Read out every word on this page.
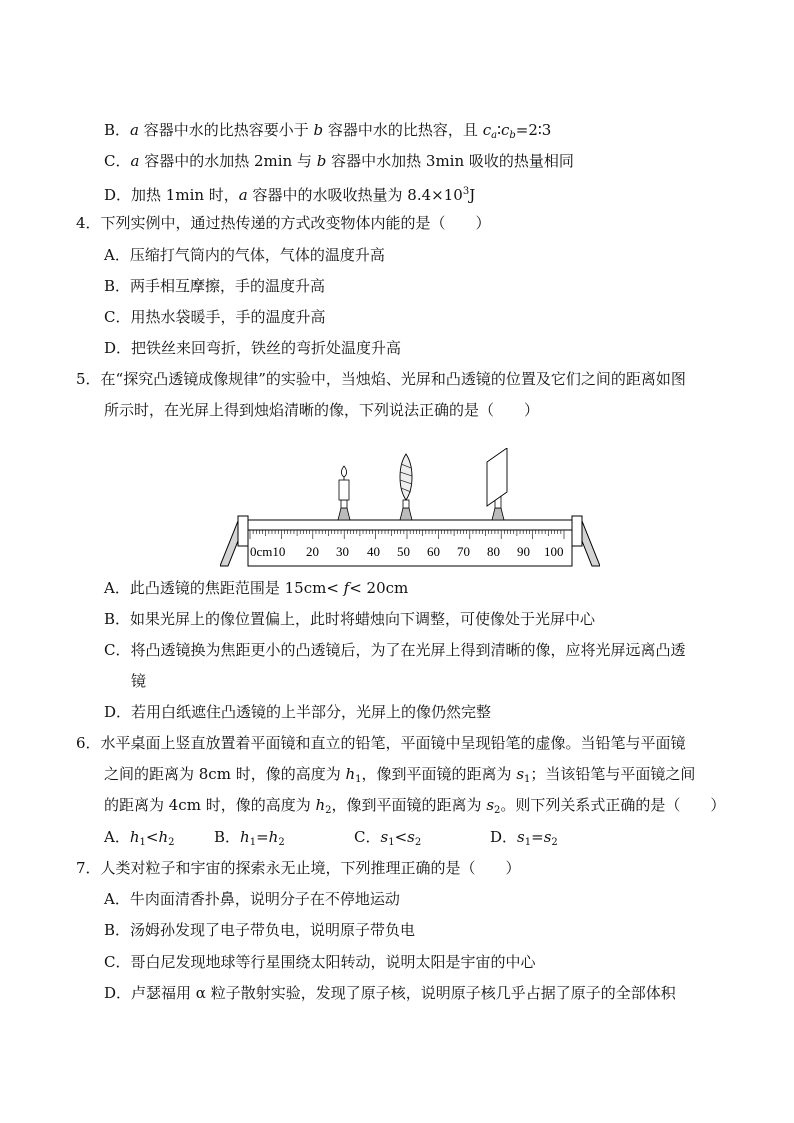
B．a 容器中水的比热容要小于 b 容器中水的比热容，且 $c_a∶c_b=2∶3$
C．a 容器中的水加热 2min 与 b 容器中水加热 3min 吸收的热量相同
D．加热 1min 时，a 容器中的水吸收热量为 $8.4\times 10^3J$
4．下列实例中，通过热传递的方式改变物体内能的是（　　）
A．压缩打气筒内的气体，气体的温度升高
B．两手相互摩擦，手的温度升高
C．用热水袋暖手，手的温度升高
D．把铁丝来回弯折，铁丝的弯折处温度升高
5．在“探究凸透镜成像规律”的实验中，当烛焰、光屏和凸透镜的位置及它们之间的距离如图
所示时，在光屏上得到烛焰清晰的像，下列说法正确的是（　　）
0cm10 20 30 40 50 60 70 80 90 100
A．此凸透镜的焦距范围是 15cm< f< 20cm
B．如果光屏上的像位置偏上，此时将蜡烛向下调整，可使像处于光屏中心
C．将凸透镜换为焦距更小的凸透镜后，为了在光屏上得到清晰的像，应将光屏远离凸透
镜
D．若用白纸遮住凸透镜的上半部分，光屏上的像仍然完整
6．水平桌面上竖直放置着平面镜和直立的铅笔，平面镜中呈现铅笔的虚像。当铅笔与平面镜
之间的距离为 8cm 时，像的高度为 $h_1$，像到平面镜的距离为 $s_1$；当该铅笔与平面镜之间
的距离为 4cm 时，像的高度为 $h_2$，像到平面镜的距离为 $s_2$。则下列关系式正确的是（　　）
A．$h_1<h_2$	B．$h_1=h_2$	C．$s_1<s_2$	D．$s_1=s_2$
7．人类对粒子和宇宙的探索永无止境，下列推理正确的是（　　）
A．牛肉面清香扑鼻，说明分子在不停地运动
B．汤姆孙发现了电子带负电，说明原子带负电
C．哥白尼发现地球等行星围绕太阳转动，说明太阳是宇宙的中心
D．卢瑟福用 α 粒子散射实验，发现了原子核，说明原子核几乎占据了原子的全部体积
